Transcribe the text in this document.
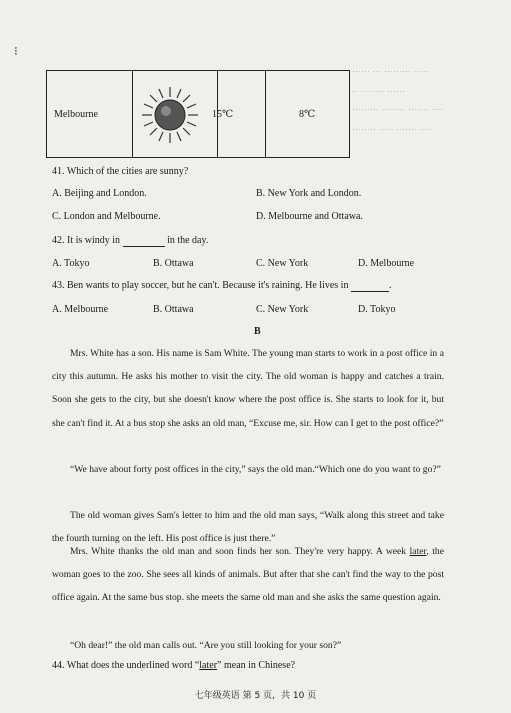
······ ··· ········· ·····
·· ········ ······
········· ········ ······· ····
········ ····· ······· ····
⁝
Melbourne	15℃	8℃
41. Which of the cities are sunny?
A. Beijing and London.	B. New York and London.
C. London and Melbourne.	D. Melbourne and Ottawa.
42. It is windy in	in the day.
A. Tokyo	B. Ottawa	C. New York	D. Melbourne
43. Ben wants to play soccer, but he can't. Because it's raining. He lives in	.
A. Melbourne	B. Ottawa	C. New York	D. Tokyo
B
Mrs. White has a son. His name is Sam White. The young man starts to work in a post office in a city this autumn. He asks his mother to visit the city. The old woman is happy and catches a train. Soon she gets to the city, but she doesn't know where the post office is. She starts to look for it, but she can't find it. At a bus stop she asks an old man, “Excuse me, sir. How can I get to the post office?”
“We have about forty post offices in the city,” says the old man.“Which one do you want to go?”
The old woman gives Sam's letter to him and the old man says, “Walk along this street and take the fourth turning on the left. His post office is just there.”
Mrs. White thanks the old man and soon finds her son. They're very happy. A week later, the woman goes to the zoo. She sees all kinds of animals. But after that she can't find the way to the post office again. At the same bus stop. she meets the same old man and she asks the same question again.
“Oh dear!” the old man calls out. “Are you still looking for your son?”
44. What does the underlined word “later” mean in Chinese?
七年级英语 第 5 页，共 10 页
